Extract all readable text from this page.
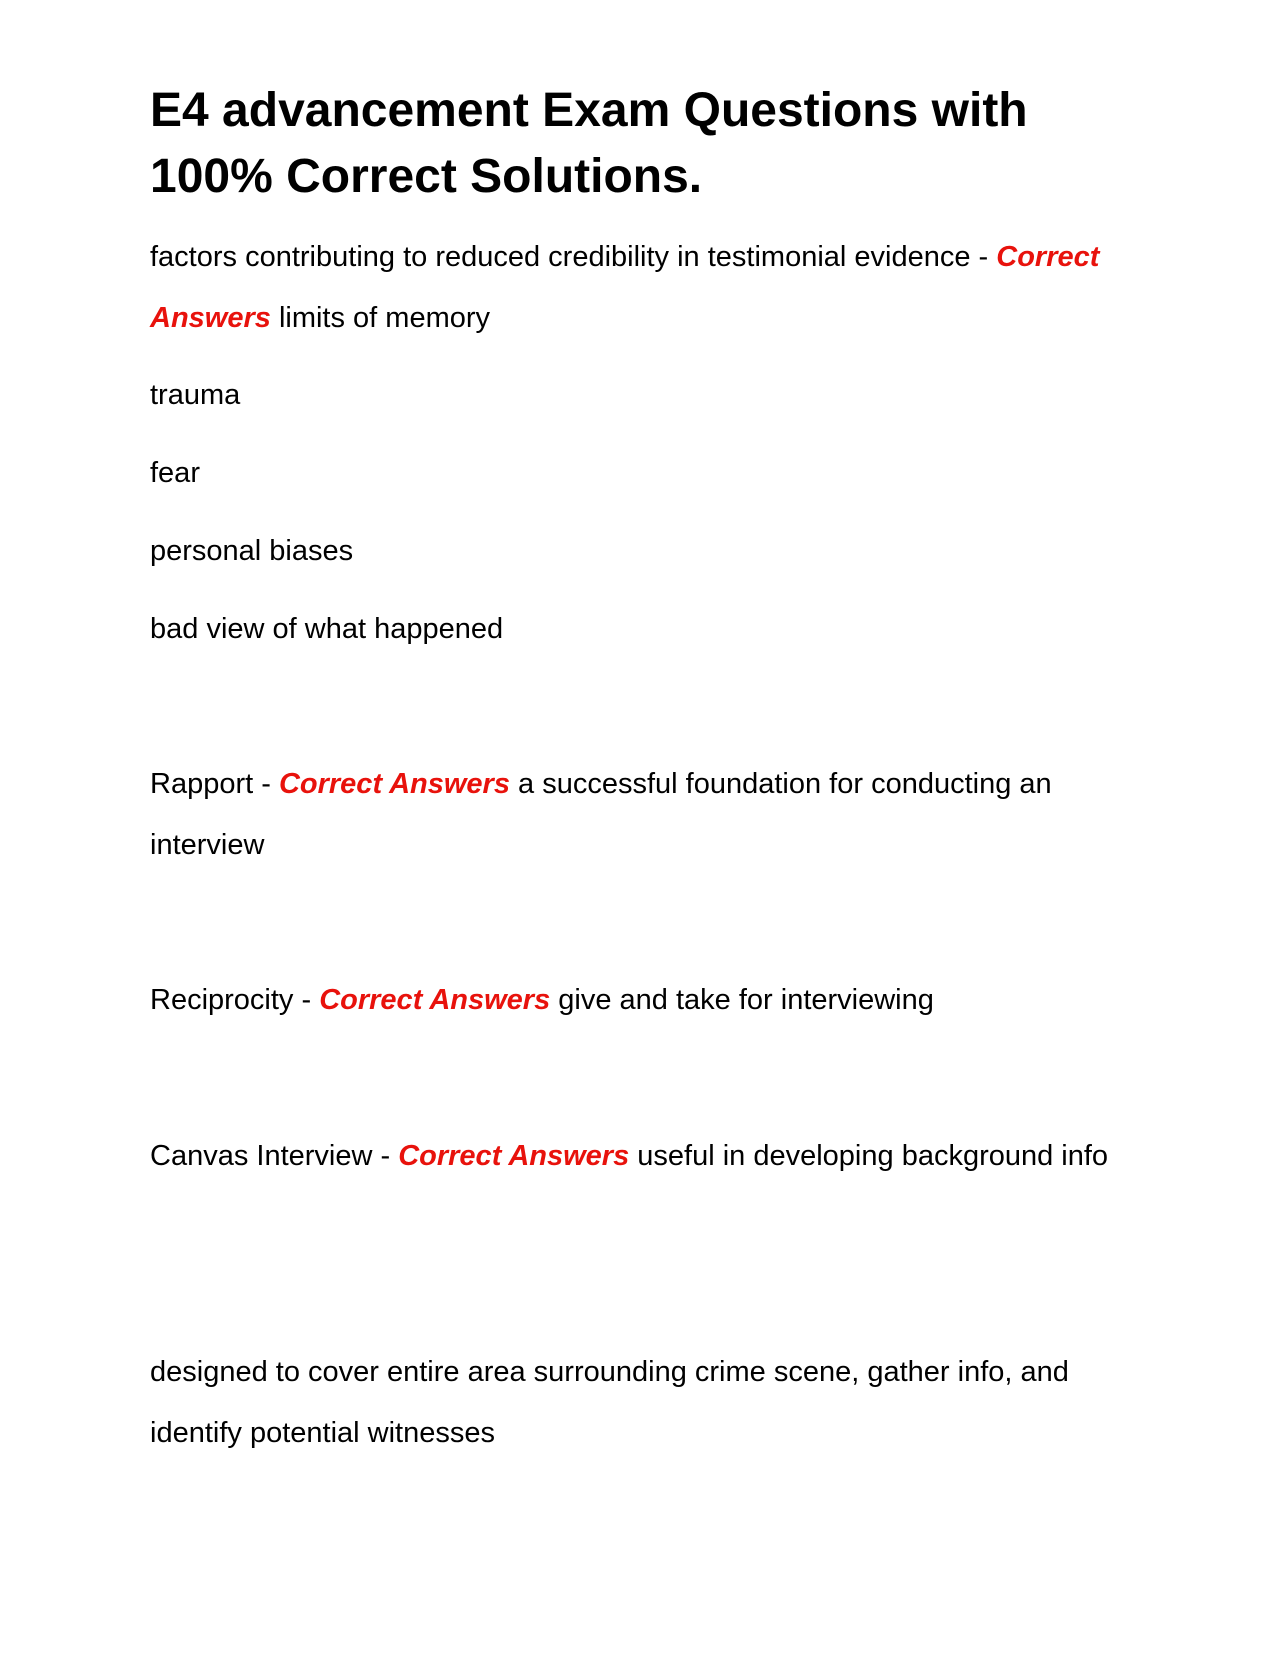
E4 advancement Exam Questions with 100% Correct Solutions.

factors contributing to reduced credibility in testimonial evidence - Correct Answers limits of memory

trauma

fear

personal biases

bad view of what happened

Rapport - Correct Answers a successful foundation for conducting an interview

Reciprocity - Correct Answers give and take for interviewing

Canvas Interview - Correct Answers useful in developing background info

designed to cover entire area surrounding crime scene, gather info, and identify potential witnesses
